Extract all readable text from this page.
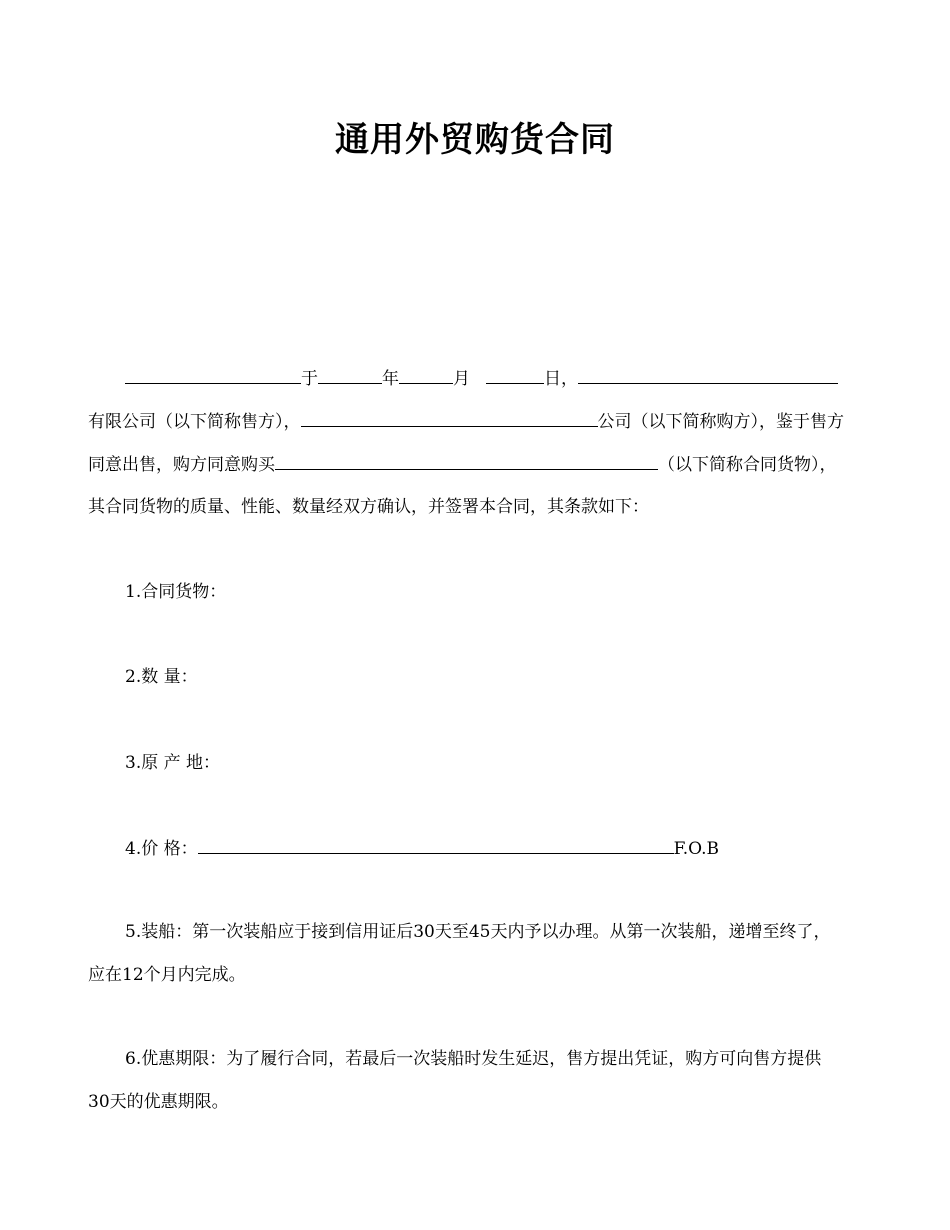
通用外贸购货合同
于	年	月	日，
有限公司（以下简称售方），	公司（以下简称购方），鉴于售方
同意出售，购方同意购买	（以下简称合同货物），
其合同货物的质量、性能、数量经双方确认，并签署本合同，其条款如下：
1.合同货物：
2.数 量：
3.原 产 地：
4.价 格：	F.O.B
5.装船：第一次装船应于接到信用证后30天至45天内予以办理。从第一次装船，递增至终了，
应在12个月内完成。
6.优惠期限：为了履行合同，若最后一次装船时发生延迟，售方提出凭证，购方可向售方提供
30天的优惠期限。
